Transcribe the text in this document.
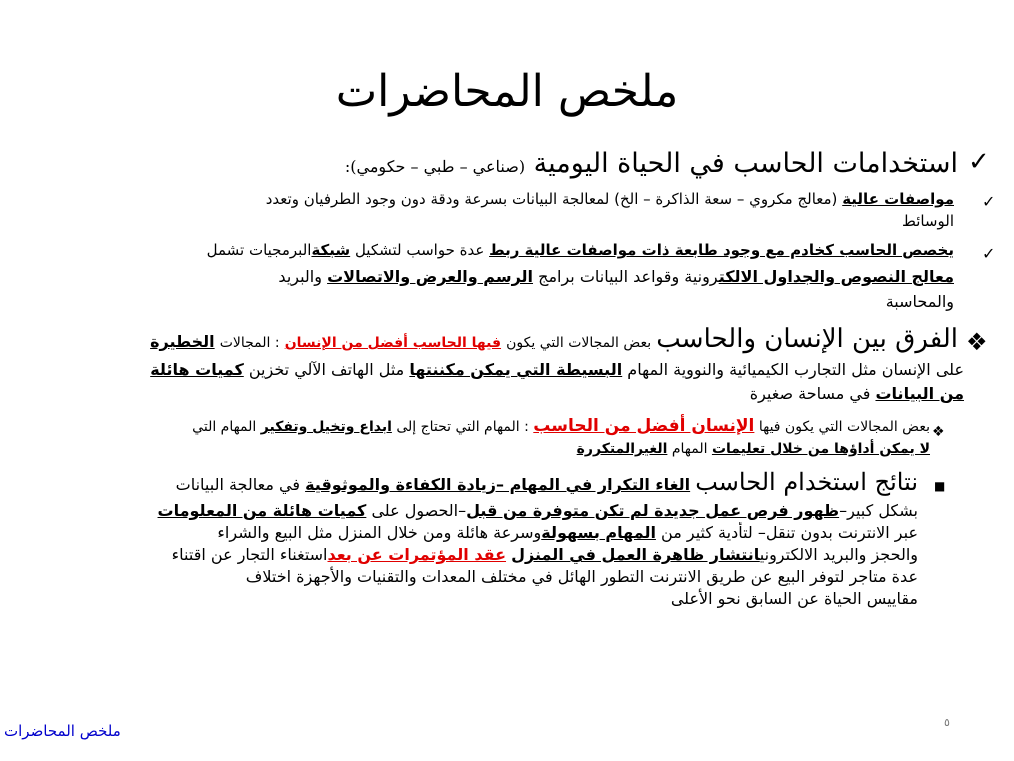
ملخص المحاضرات
✓
استخدامات الحاسب في الحياة اليومية (صناعي – طبي – حكومي):
✓
مواصفات عالية (معالج مكروي – سعة الذاكرة – الخ) لمعالجة البيانات بسرعة ودقة دون وجود الطرفيان وتعدد
الوسائط
✓
يخصص الحاسب كخادم مع وجود طابعة ذات مواصفات عالية ربط عدة حواسب لتشكيل شبكةالبرمجيات تشمل
معالج النصوص والجداول الالكترونية وقواعد البيانات برامج الرسم والعرض والاتصالات والبريد
والمحاسبة
❖
الفرق بين الإنسان والحاسب بعض المجالات التي يكون فيها الحاسب أفضل من الإنسان : المجالات الخطيرة
على الإنسان مثل التجارب الكيميائية والنووية المهام البسيطة التي يمكن مكننتها مثل الهاتف الآلي تخزين كميات هائلة
من البيانات في مساحة صغيرة
❖
بعض المجالات التي يكون فيها الإنسان أفضل من الحاسب : المهام التي تحتاج إلى ابداع وتخيل وتفكير المهام التي
لا يمكن أداؤها من خلال تعليمات المهام الغيرالمتكررة
■
نتائج استخدام الحاسب الغاء التكرار في المهام –زيادة الكفاءة والموثوقية في معالجة البيانات
بشكل كبير–ظهور فرص عمل جديدة لم تكن متوفرة من قبل–الحصول على كميات هائلة من المعلومات
عبر الانترنت بدون تنقل– لتأدية كثير من المهام بسهولةوسرعة هائلة ومن خلال المنزل مثل البيع والشراء
والحجز والبريد الالكترونيانتشار ظاهرة العمل في المنزل عقد المؤتمرات عن بعداستغناء التجار عن اقتناء
عدة متاجر لتوفر البيع عن طريق الانترنت التطور الهائل في مختلف المعدات والتقنيات والأجهزة اختلاف
مقاييس الحياة عن السابق نحو الأعلى
٥
ملخص المحاضرات
